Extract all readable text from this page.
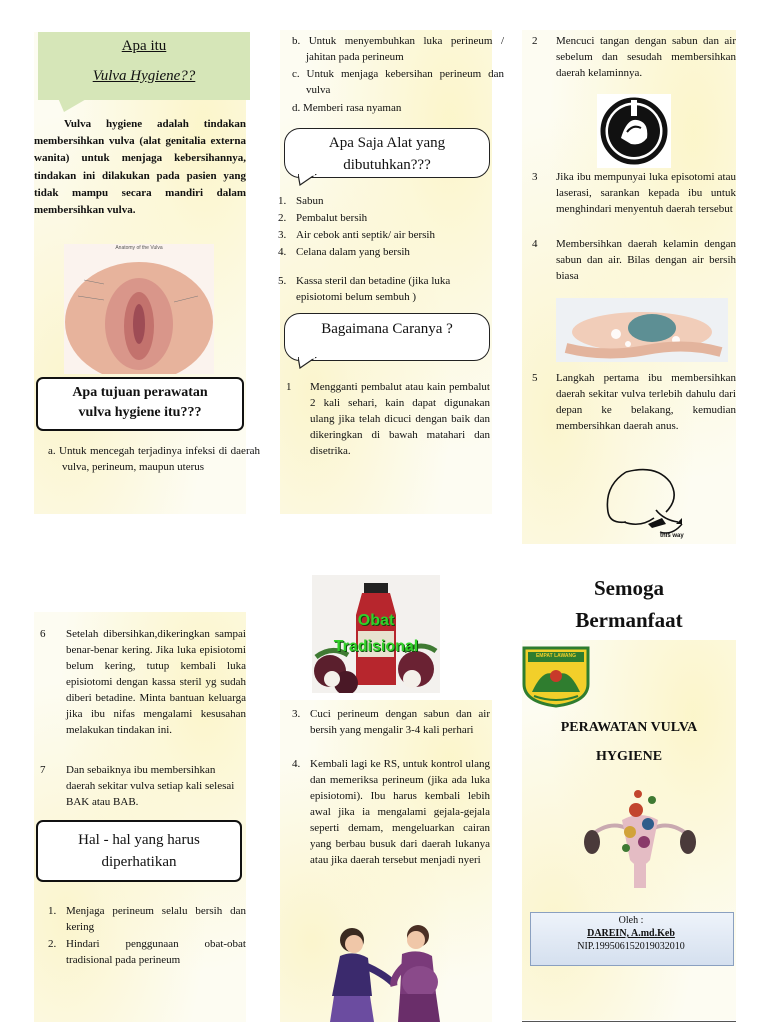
Apa itu
Vulva Hygiene??
Vulva hygiene adalah tindakan membersihkan vulva (alat genitalia externa wanita) untuk menjaga kebersihannya, tindakan ini dilakukan pada pasien yang tidak mampu secara mandiri dalam membersihkan vulva.
Anatomy of the Vulva
Apa tujuan perawatan
vulva hygiene itu???
a. Untuk mencegah terjadinya infeksi di daerah vulva, perineum, maupun uterus
b. Untuk menyembuhkan luka perineum / jahitan pada perineum
c. Untuk menjaga kebersihan perineum dan vulva
d. Memberi rasa nyaman
Apa Saja Alat yang
dibutuhkan???
1. Sabun
2. Pembalut bersih
3. Air cebok anti septik/ air bersih
4. Celana dalam yang bersih
5. Kassa steril dan betadine (jika luka episiotomi belum sembuh )
Bagaimana Caranya ?
1	Mengganti pembalut atau kain pembalut 2 kali sehari, kain dapat digunakan ulang jika telah dicuci dengan baik dan dikeringkan di bawah matahari dan disetrika.
2	Mencuci tangan dengan sabun dan air sebelum dan sesudah membersihkan daerah kelaminnya.
3	Jika ibu mempunyai luka episotomi atau laserasi, sarankan kepada ibu untuk menghindari menyentuh daerah tersebut
4	Membersihkan daerah kelamin dengan sabun dan air. Bilas dengan air bersih biasa
5	Langkah pertama ibu membersihkan daerah sekitar vulva terlebih dahulu dari depan ke belakang, kemudian membersihkan daerah anus.
this way
6	Setelah dibersihkan,dikeringkan sampai benar-benar kering. Jika luka episiotomi belum kering, tutup kembali luka episiotomi dengan kassa steril yg sudah diberi betadine. Minta bantuan keluarga jika ibu nifas mengalami kesusahan melakukan tindakan ini.
7	Dan sebaiknya ibu membersihkan daerah sekitar vulva setiap kali selesai BAK atau BAB.
Hal - hal yang harus
diperhatikan
1. Menjaga perineum selalu bersih dan kering
2. Hindari penggunaan obat-obat tradisional pada perineum
Obat
Tradisional
3. Cuci perineum dengan sabun dan air bersih yang mengalir 3-4 kali perhari
4. Kembali lagi ke RS, untuk kontrol ulang dan memeriksa perineum (jika ada luka episiotomi). Ibu harus kembali lebih awal jika ia mengalami gejala-gejala seperti demam, mengeluarkan cairan yang berbau busuk dari daerah lukanya atau jika daerah tersebut menjadi nyeri
Semoga
Bermanfaat
EMPAT LAWANG
PERAWATAN VULVA
HYGIENE
Oleh :
DAREIN, A.md.Keb
NIP.199506152019032010
